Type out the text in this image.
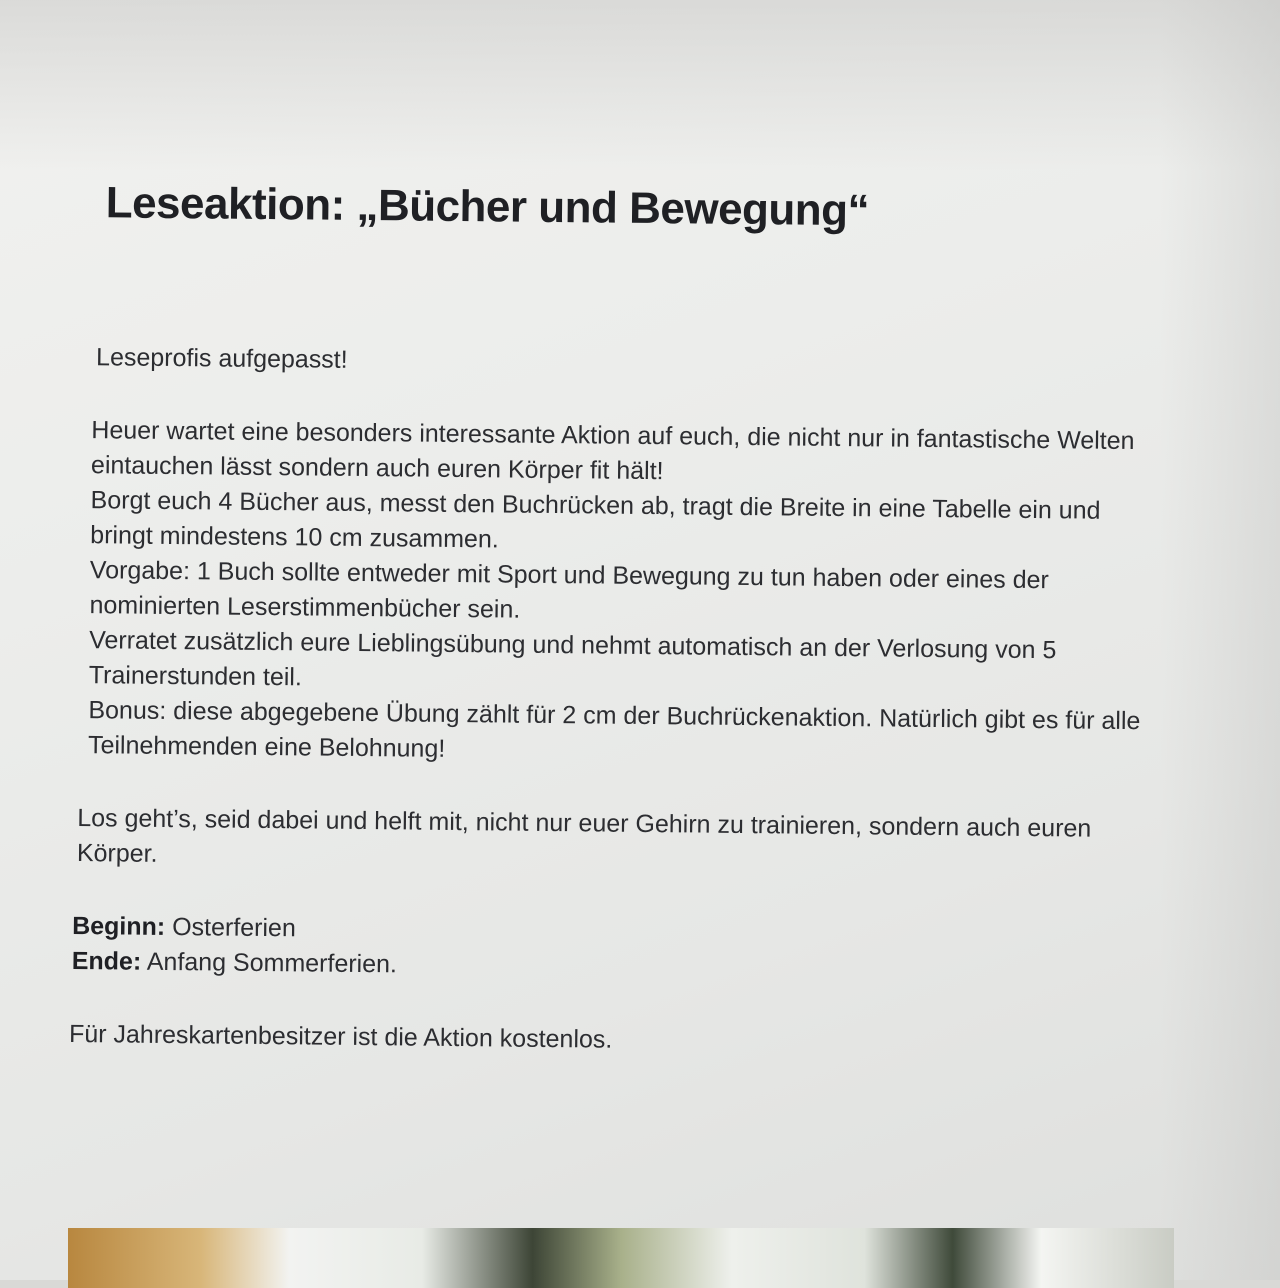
Leseaktion: „Bücher und Bewegung“

Leseprofis aufgepasst!

Heuer wartet eine besonders interessante Aktion auf euch, die nicht nur in fantastische Welten eintauchen lässt sondern auch euren Körper fit hält!

Borgt euch 4 Bücher aus, messt den Buchrücken ab, tragt die Breite in eine Tabelle ein und bringt mindestens 10 cm zusammen.

Vorgabe: 1 Buch sollte entweder mit Sport und Bewegung zu tun haben oder eines der nominierten Leserstimmenbücher sein.

Verratet zusätzlich eure Lieblingsübung und nehmt automatisch an der Verlosung von 5 Trainerstunden teil.

Bonus: diese abgegebene Übung zählt für 2 cm der Buchrückenaktion. Natürlich gibt es für alle Teilnehmenden eine Belohnung!

Los geht’s, seid dabei und helft mit, nicht nur euer Gehirn zu trainieren, sondern auch euren Körper.

Beginn: Osterferien

Ende: Anfang Sommerferien.

Für Jahreskartenbesitzer ist die Aktion kostenlos.
